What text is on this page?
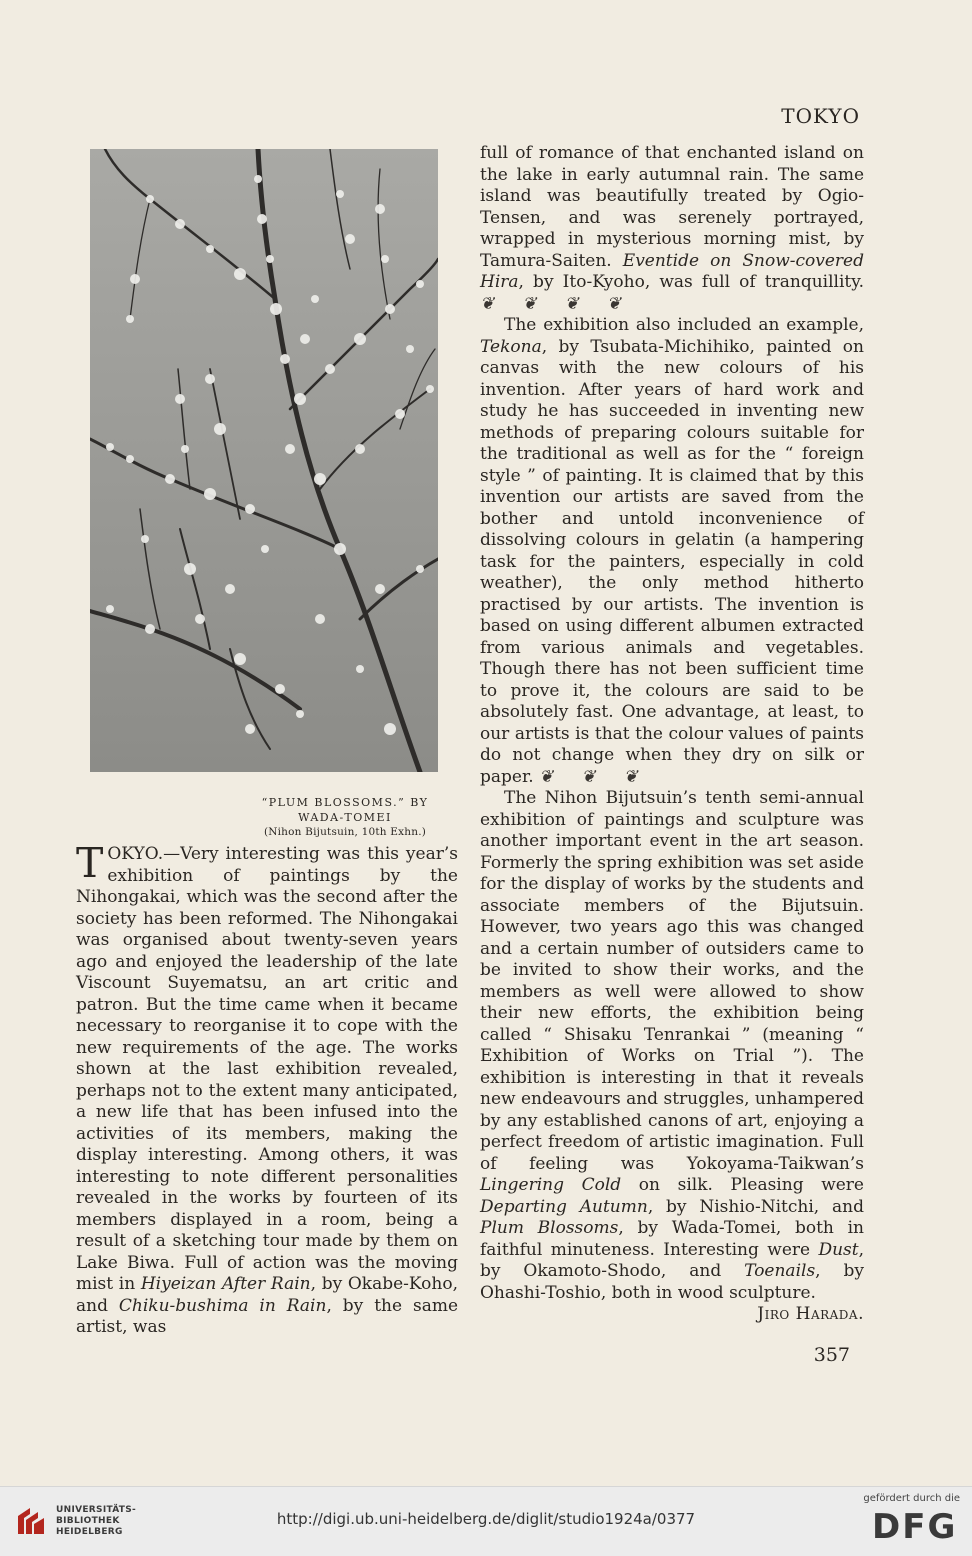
TOKYO
“PLUM BLOSSOMS.” BY
WADA-TOMEI
(Nihon Bijutsuin, 10th Exhn.)

TOKYO.—Very interesting was this year’s exhibition of paintings by the Nihongakai, which was the second after the society has been reformed. The Nihongakai was organised about twenty-seven years ago and enjoyed the leadership of the late Viscount Suyematsu, an art critic and patron. But the time came when it became necessary to reorganise it to cope with the new requirements of the age. The works shown at the last exhibition revealed, perhaps not to the extent many anticipated, a new life that has been infused into the activities of its members, making the display interesting. Among others, it was interesting to note different personalities revealed in the works by fourteen of its members displayed in a room, being a result of a sketching tour made by them on Lake Biwa. Full of action was the moving mist in Hiyeizan After Rain, by Okabe-Koho, and Chiku-bushima in Rain, by the same artist, was

full of romance of that enchanted island on the lake in early autumnal rain. The same island was beautifully treated by Ogio-Tensen, and was serenely portrayed, wrapped in mysterious morning mist, by Tamura-Saiten. Eventide on Snow-covered Hira, by Ito-Kyoho, was full of tranquillity. ❦❦❦❦

The exhibition also included an example, Tekona, by Tsubata-Michihiko, painted on canvas with the new colours of his invention. After years of hard work and study he has succeeded in inventing new methods of preparing colours suitable for the traditional as well as for the “ foreign style ” of painting. It is claimed that by this invention our artists are saved from the bother and untold inconvenience of dissolving colours in gelatin (a hampering task for the painters, especially in cold weather), the only method hitherto practised by our artists. The invention is based on using different albumen extracted from various animals and vegetables. Though there has not been sufficient time to prove it, the colours are said to be absolutely fast. One advantage, at least, to our artists is that the colour values of paints do not change when they dry on silk or paper. ❦❦❦

The Nihon Bijutsuin’s tenth semi-annual exhibition of paintings and sculpture was another important event in the art season. Formerly the spring exhibition was set aside for the display of works by the students and associate members of the Bijutsuin. However, two years ago this was changed and a certain number of outsiders came to be invited to show their works, and the members as well were allowed to show their new efforts, the exhibition being called “ Shisaku Tenrankai ” (meaning “ Exhibition of Works on Trial ”). The exhibition is interesting in that it reveals new endeavours and struggles, unhampered by any established canons of art, enjoying a perfect freedom of artistic imagination. Full of feeling was Yokoyama-Taikwan’s Lingering Cold on silk. Pleasing were Departing Autumn, by Nishio-Nitchi, and Plum Blossoms, by Wada-Tomei, both in faithful minuteness. Interesting were Dust, by Okamoto-Shodo, and Toenails, by Ohashi-Toshio, both in wood sculpture.

Jiro Harada.
357
UNIVERSITÄTS-
BIBLIOTHEK
HEIDELBERG
http://digi.ub.uni-heidelberg.de/diglit/studio1924a/0377
gefördert durch die
DFG
